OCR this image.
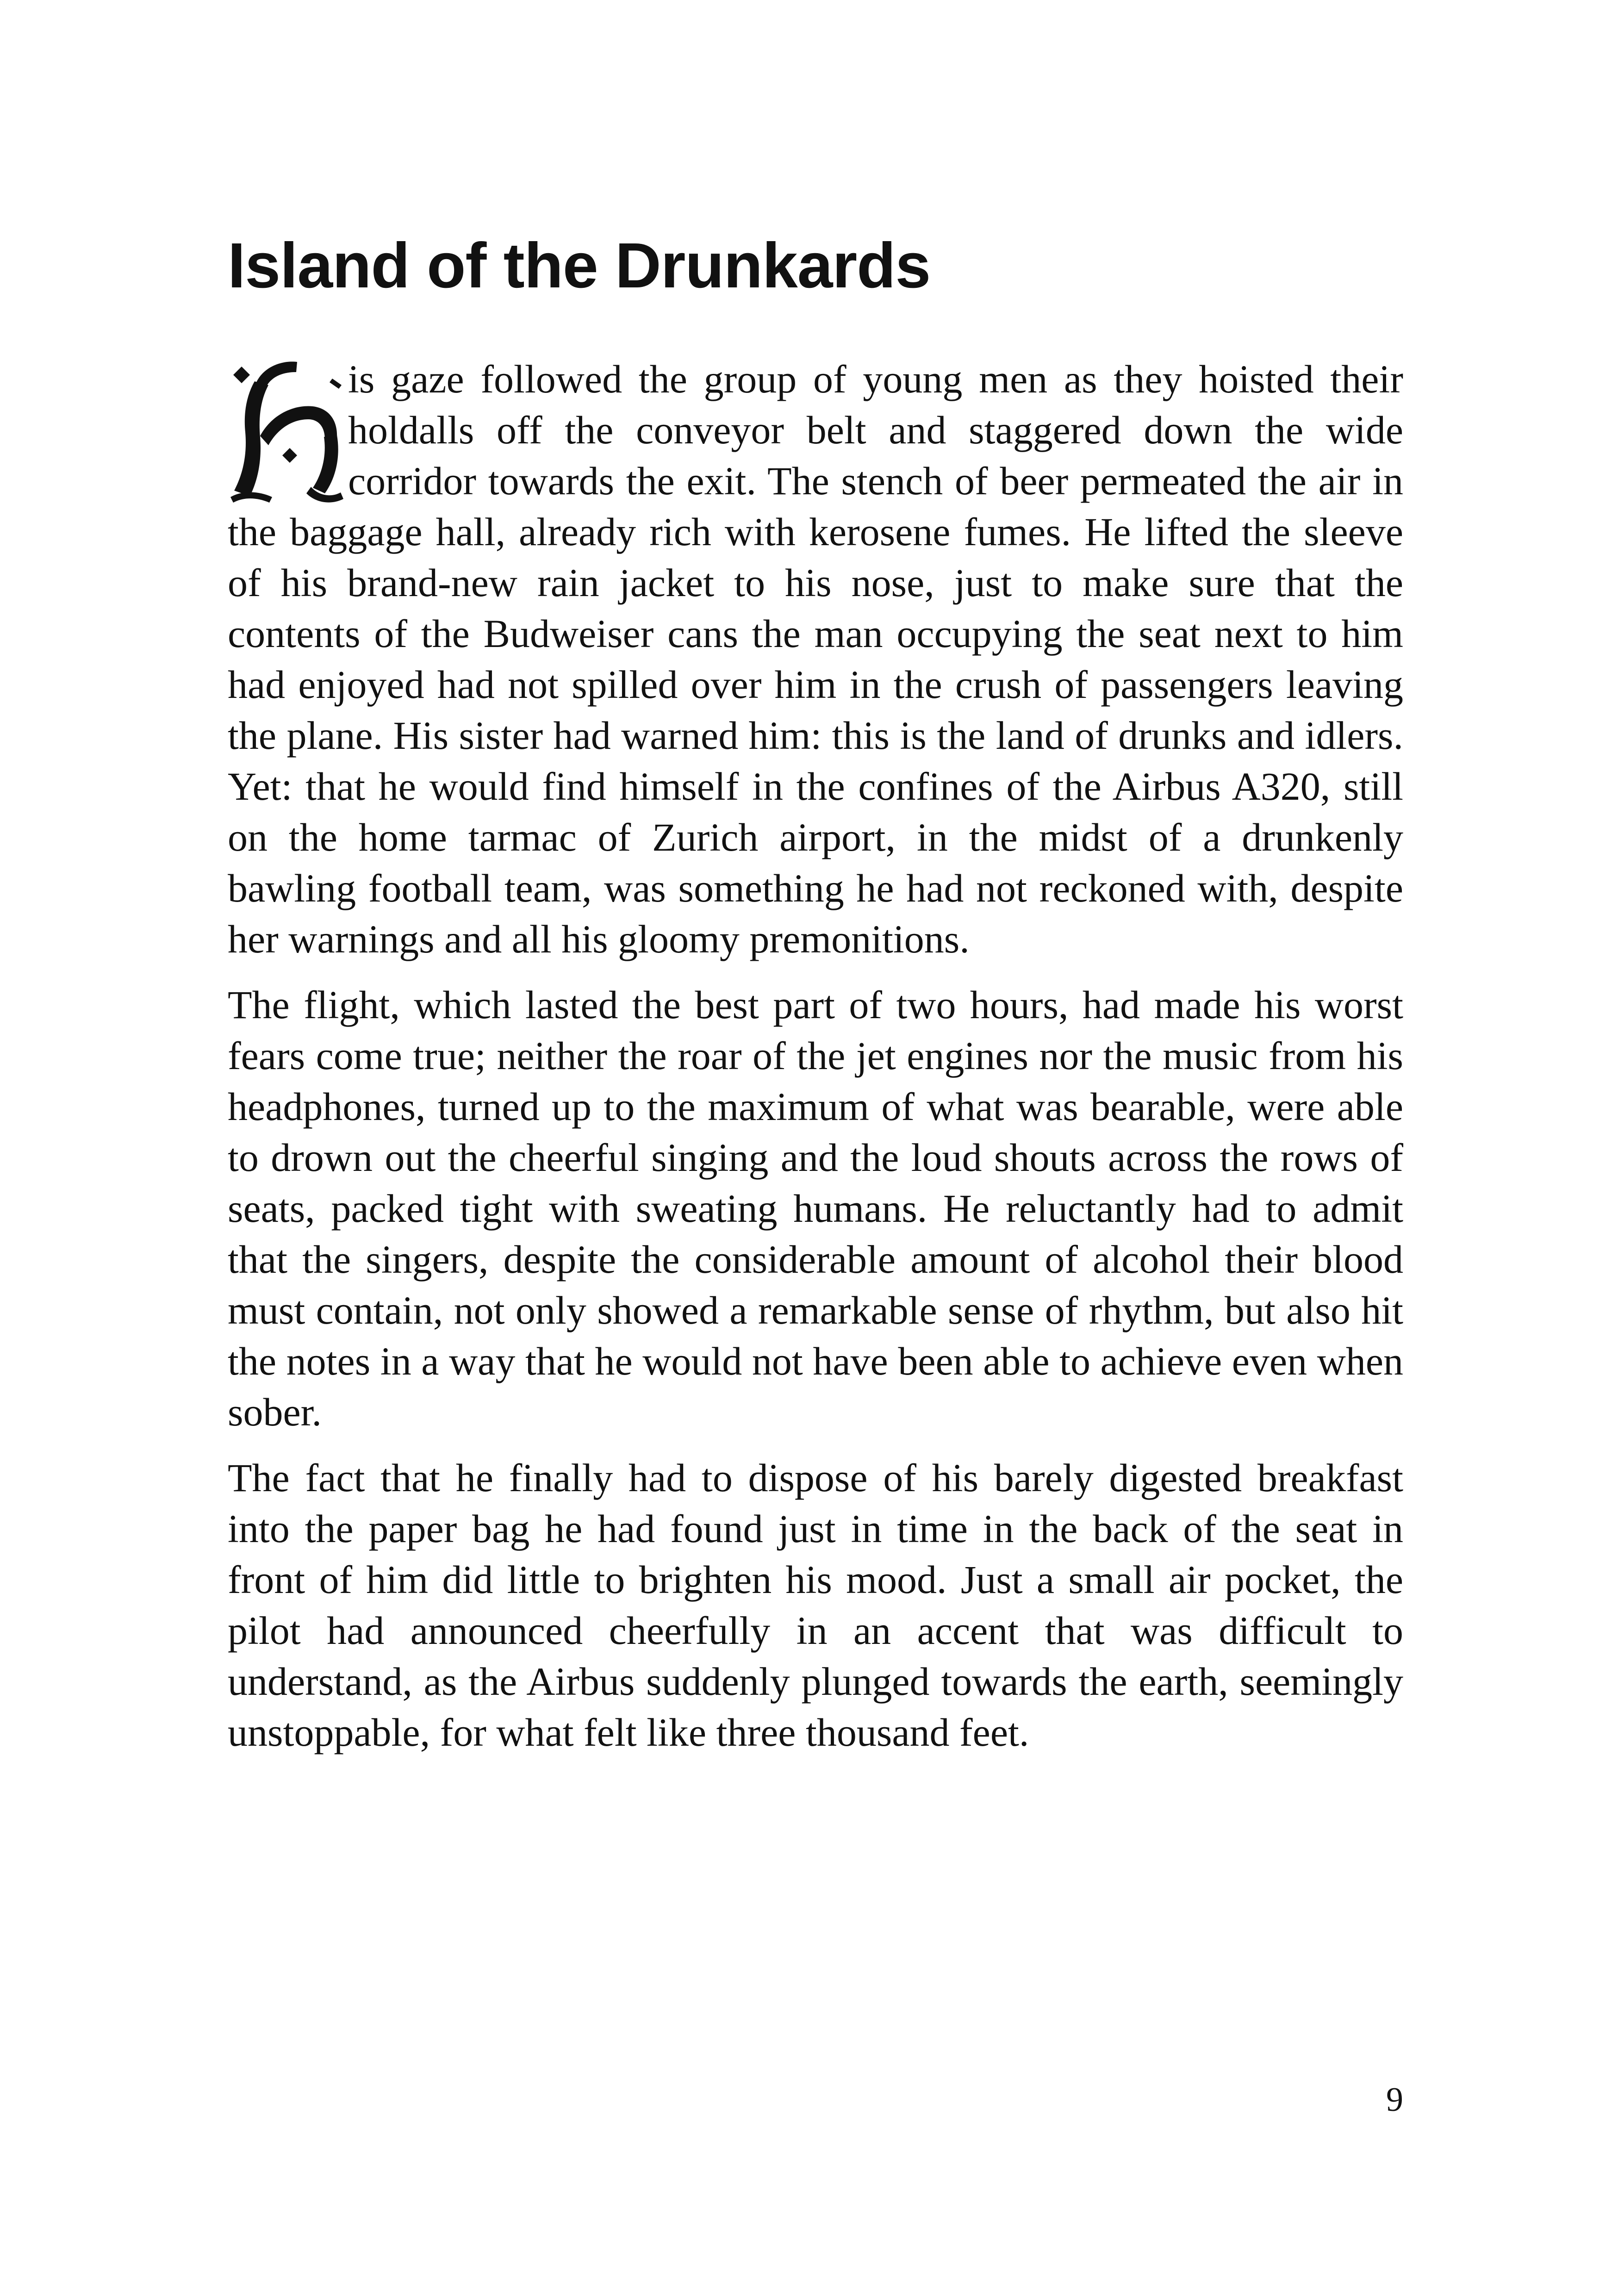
Island of the Drunkards

is gaze followed the group of young men as they hoisted their holdalls off the conveyor belt and staggered down the wide corridor towards the exit. The stench of beer permeated the air in the baggage hall, already rich with kerosene fumes. He lifted the sleeve of his brand-new rain jacket to his nose, just to make sure that the contents of the Budweiser cans the man occupying the seat next to him had enjoyed had not spilled over him in the crush of passengers leaving the plane. His sister had warned him: this is the land of drunks and idlers. Yet: that he would find himself in the confines of the Airbus A320, still on the home tarmac of Zurich airport, in the midst of a drunkenly bawling football team, was something he had not reckoned with, despite her warnings and all his gloomy premonitions.

The flight, which lasted the best part of two hours, had made his worst fears come true; neither the roar of the jet engines nor the music from his headphones, turned up to the maximum of what was bearable, were able to drown out the cheerful singing and the loud shouts across the rows of seats, packed tight with sweating humans. He reluctantly had to admit that the singers, despite the considerable amount of alcohol their blood must contain, not only showed a remarkable sense of rhythm, but also hit the notes in a way that he would not have been able to achieve even when sober.

The fact that he finally had to dispose of his barely digested breakfast into the paper bag he had found just in time in the back of the seat in front of him did little to brighten his mood. Just a small air pocket, the pilot had announced cheerfully in an accent that was difficult to understand, as the Airbus suddenly plunged towards the earth, seemingly unstoppable, for what felt like three thousand feet.

9
